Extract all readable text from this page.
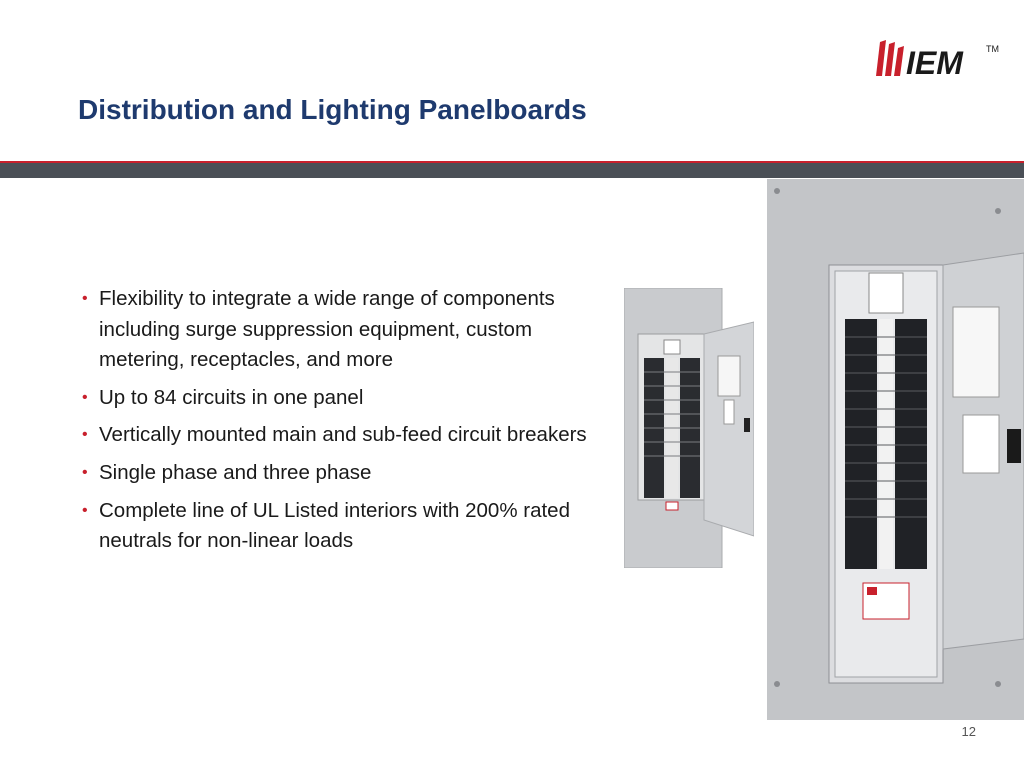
Distribution and Lighting Panelboards
IEM	TM
• Flexibility to integrate a wide range of components including surge suppression equipment, custom metering, receptacles, and more
• Up to 84 circuits in one panel
• Vertically mounted main and sub-feed circuit breakers
• Single phase and three phase
• Complete line of UL Listed interiors with 200% rated neutrals for non-linear loads
12
